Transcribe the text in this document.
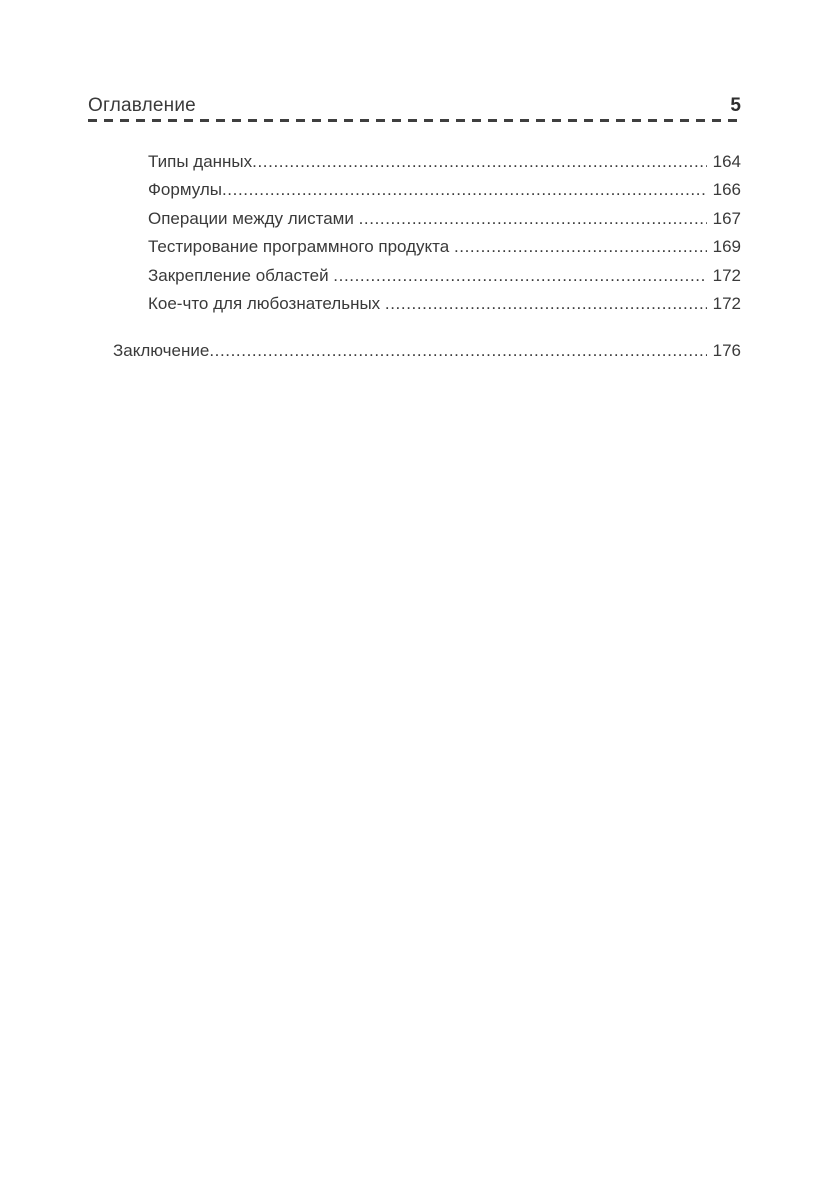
Оглавление	5
Типы данных .....	164
Формулы .....	166
Операции между листами .....	167
Тестирование программного продукта .....	169
Закрепление областей .....	172
Кое-что для любознательных .....	172
Заключение .....	176
